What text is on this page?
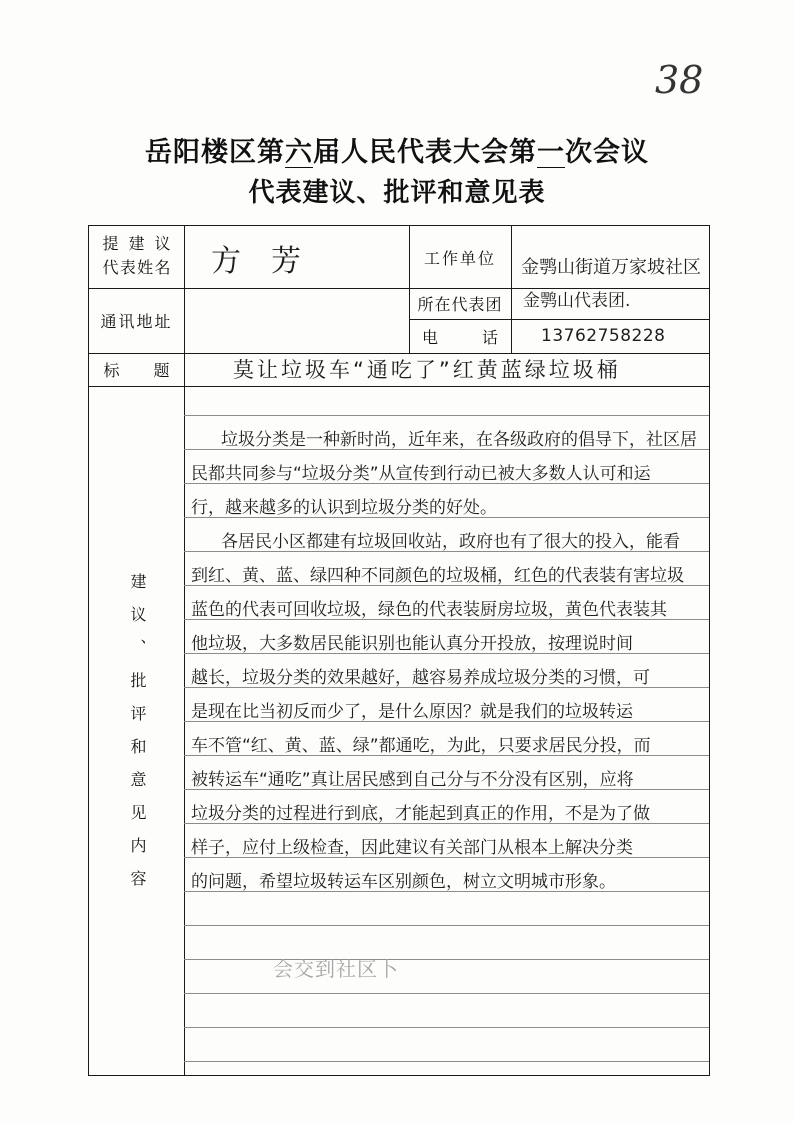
38
岳阳楼区第六届人民代表大会第一次会议
代表建议、批评和意见表
提建议
代表姓名 方芳	工作单位 金鹗山街道万家坡社区
通讯地址
所在代表团 金鹗山代表团.
电话	13762758228
标题	莫让垃圾车“通吃了”红黄蓝绿垃圾桶
建议、批评和意见内容
垃圾分类是一种新时尚，近年来，在各级政府的倡导下，社区居
民都共同参与“垃圾分类”从宣传到行动已被大多数人认可和运
行，越来越多的认识到垃圾分类的好处。
各居民小区都建有垃圾回收站，政府也有了很大的投入，能看
到红、黄、蓝、绿四种不同颜色的垃圾桶，红色的代表装有害垃圾
蓝色的代表可回收垃圾，绿色的代表装厨房垃圾，黄色代表装其
他垃圾，大多数居民能识别也能认真分开投放，按理说时间
越长，垃圾分类的效果越好，越容易养成垃圾分类的习惯，可
是现在比当初反而少了，是什么原因？就是我们的垃圾转运
车不管“红、黄、蓝、绿”都通吃，为此，只要求居民分投，而
被转运车“通吃”真让居民感到自己分与不分没有区别，应将
垃圾分类的过程进行到底，才能起到真正的作用，不是为了做
样子，应付上级检查，因此建议有关部门从根本上解决分类
的问题，希望垃圾转运车区别颜色，树立文明城市形象。
会交到社区卜
